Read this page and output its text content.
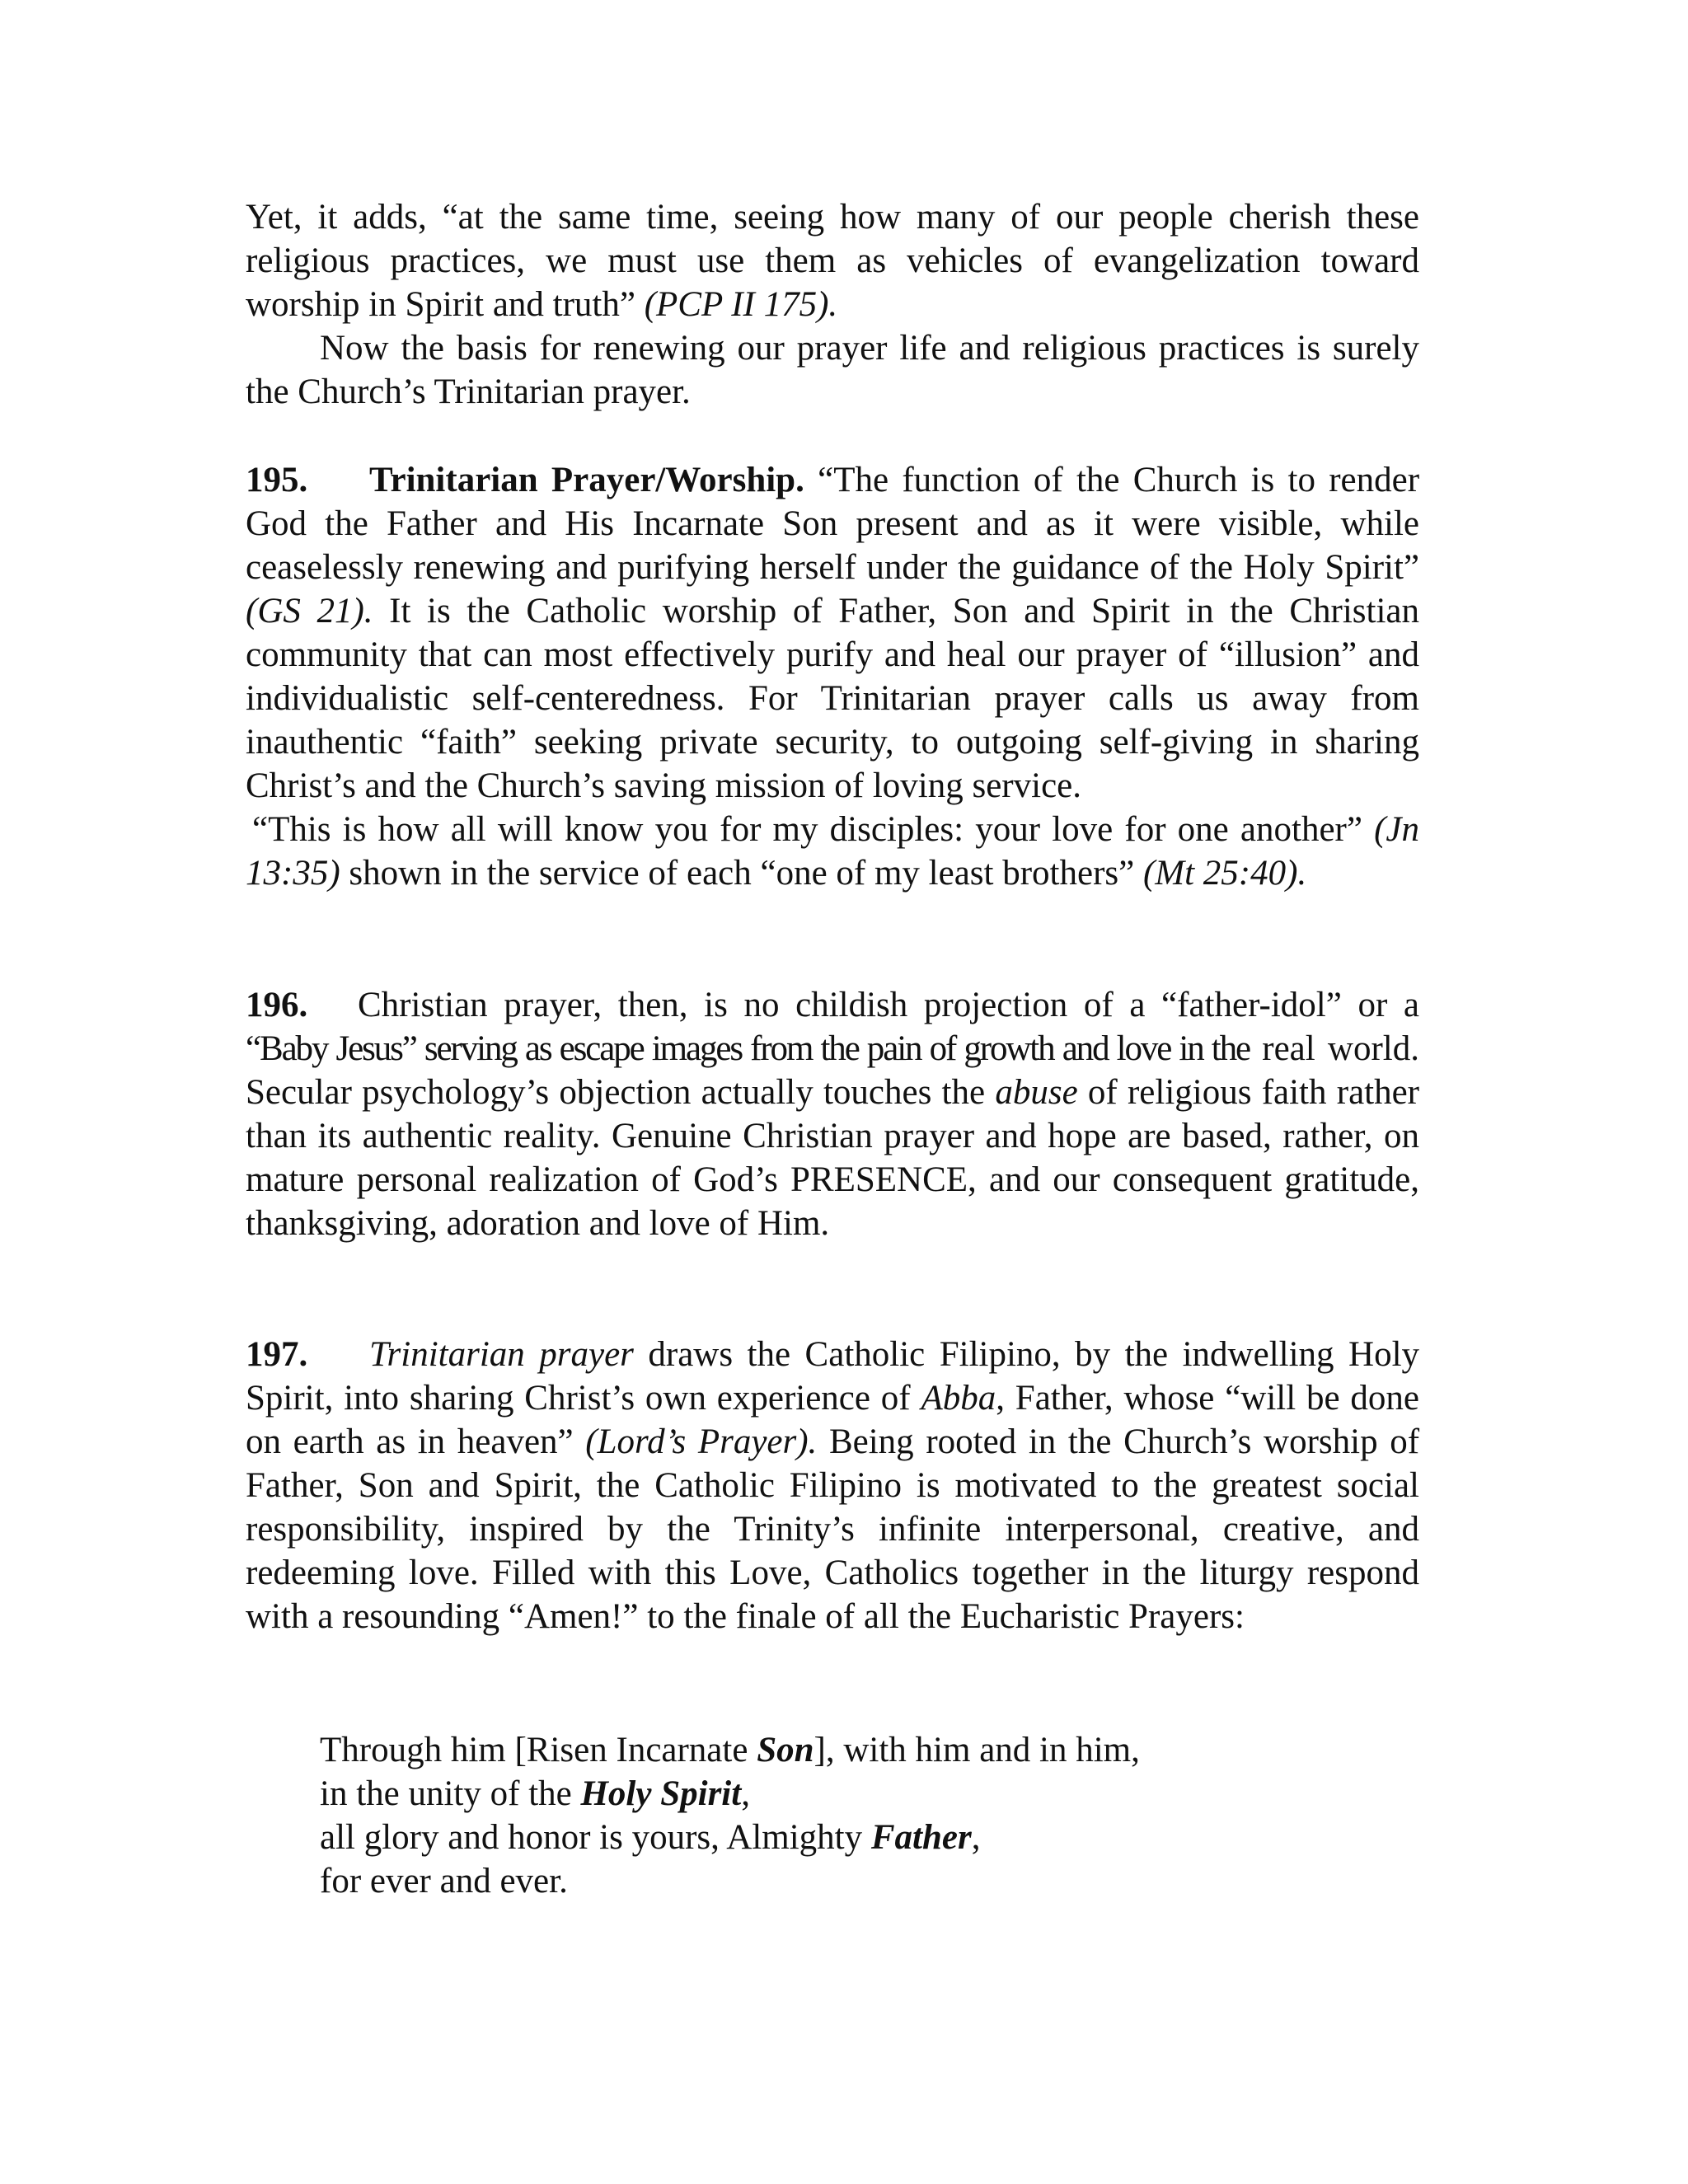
Yet, it adds, “at the same time, seeing how many of our people cherish these religious practices, we must use them as vehicles of evangelization toward worship in Spirit and truth” (PCP II 175).

Now the basis for renewing our prayer life and religious practices is surely the Church’s Trinitarian prayer.

195. Trinitarian Prayer/Worship. “The function of the Church is to render God the Father and His Incarnate Son present and as it were visible, while ceaselessly renewing and purifying herself under the guidance of the Holy Spirit” (GS 21). It is the Catholic worship of Father, Son and Spirit in the Christian community that can most effectively purify and heal our prayer of “illusion” and individualistic self-centeredness. For Trinitarian prayer calls us away from inauthentic “faith” seeking private security, to outgoing self-giving in sharing Christ’s and the Church’s saving mission of loving service.

“This is how all will know you for my disciples: your love for one another” (Jn 13:35) shown in the service of each “one of my least brothers” (Mt 25:40).

196. Christian prayer, then, is no childish projection of a “father-idol” or a “Baby Jesus” serving as escape images from the pain of growth and love in the real world. Secular psychology’s objection actually touches the abuse of religious faith rather than its authentic reality. Genuine Christian prayer and hope are based, rather, on mature personal realization of God’s PRESENCE, and our consequent gratitude, thanksgiving, adoration and love of Him.

197. Trinitarian prayer draws the Catholic Filipino, by the indwelling Holy Spirit, into sharing Christ’s own experience of Abba, Father, whose “will be done on earth as in heaven” (Lord’s Prayer). Being rooted in the Church’s worship of Father, Son and Spirit, the Catholic Filipino is motivated to the greatest social responsibility, inspired by the Trinity’s infinite interpersonal, creative, and redeeming love. Filled with this Love, Catholics together in the liturgy respond with a resounding “Amen!” to the finale of all the Eucharistic Prayers:

Through him [Risen Incarnate Son], with him and in him,
in the unity of the Holy Spirit,
all glory and honor is yours, Almighty Father,
for ever and ever.
